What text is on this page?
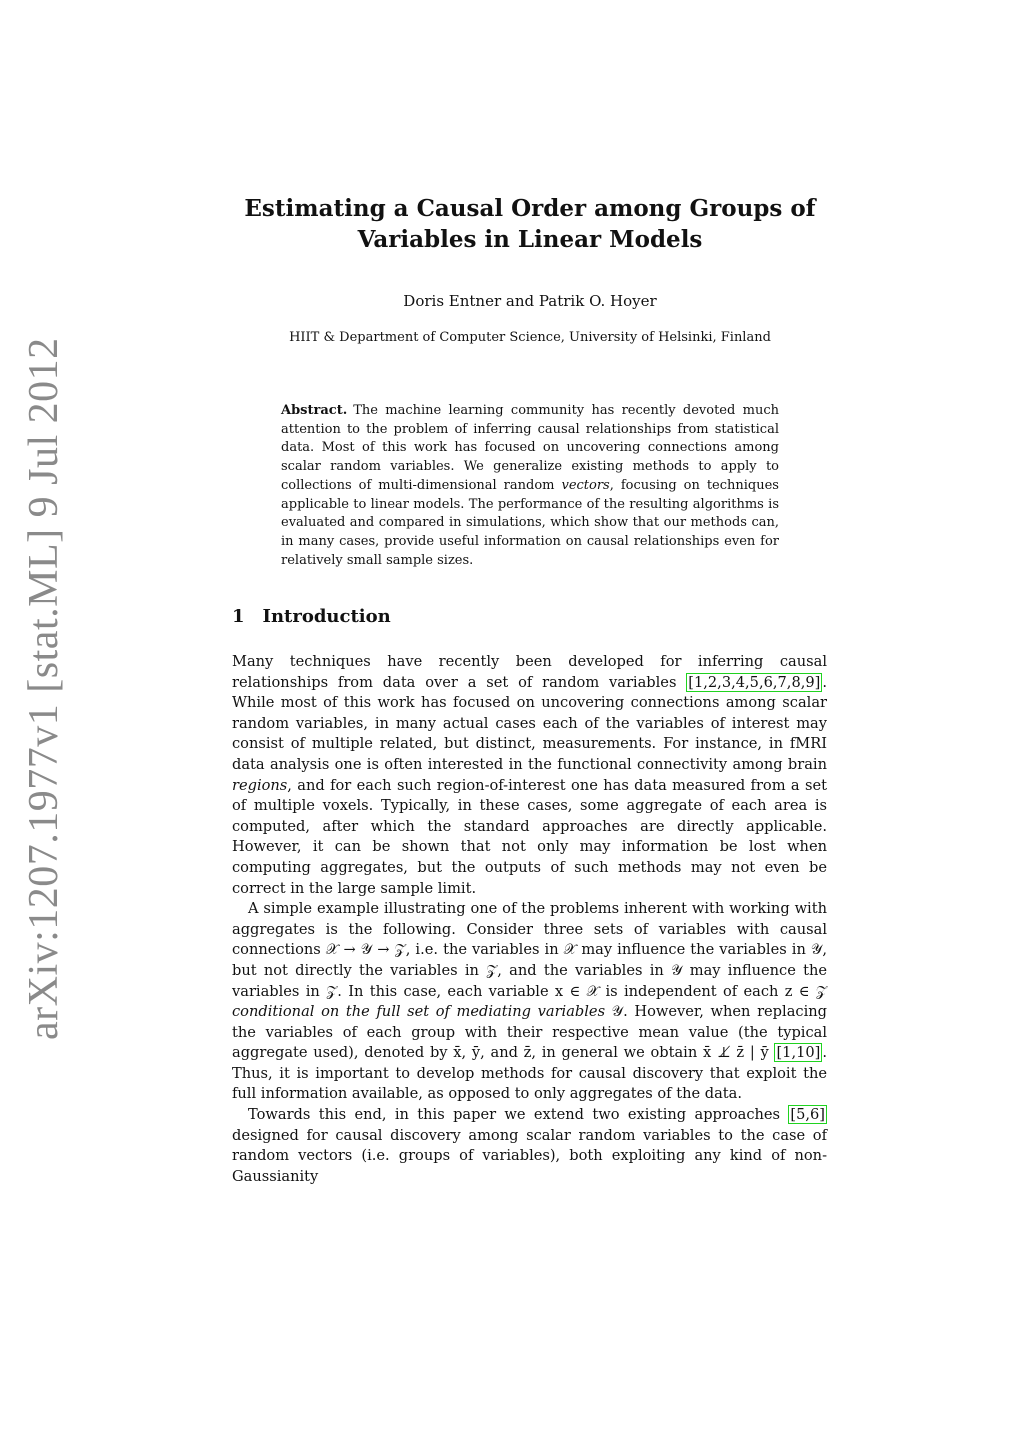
arXiv:1207.1977v1 [stat.ML] 9 Jul 2012
Estimating a Causal Order among Groups of
Variables in Linear Models
Doris Entner and Patrik O. Hoyer
HIIT & Department of Computer Science, University of Helsinki, Finland
Abstract. The machine learning community has recently devoted much attention to the problem of inferring causal relationships from statistical data. Most of this work has focused on uncovering connections among scalar random variables. We generalize existing methods to apply to collections of multi-dimensional random vectors, focusing on techniques applicable to linear models. The performance of the resulting algorithms is evaluated and compared in simulations, which show that our methods can, in many cases, provide useful information on causal relationships even for relatively small sample sizes.
1 Introduction

Many techniques have recently been developed for inferring causal relationships from data over a set of random variables [1,2,3,4,5,6,7,8,9] . While most of this work has focused on uncovering connections among scalar random variables, in many actual cases each of the variables of interest may consist of multiple related, but distinct, measurements. For instance, in fMRI data analysis one is often interested in the functional connectivity among brain regions, and for each such region-of-interest one has data measured from a set of multiple voxels. Typically, in these cases, some aggregate of each area is computed, after which the standard approaches are directly applicable. However, it can be shown that not only may information be lost when computing aggregates, but the outputs of such methods may not even be correct in the large sample limit.

A simple example illustrating one of the problems inherent with working with aggregates is the following. Consider three sets of variables with causal connections 𝒳 → 𝒴 → 𝒵, i.e. the variables in 𝒳 may influence the variables in 𝒴, but not directly the variables in 𝒵, and the variables in 𝒴 may influence the variables in 𝒵. In this case, each variable x ∈ 𝒳 is independent of each z ∈ 𝒵 conditional on the full set of mediating variables 𝒴. However, when replacing the variables of each group with their respective mean value (the typical aggregate used), denoted by x̄, ȳ, and z̄, in general we obtain x̄ ⊥̸ z̄ | ȳ [1,10] . Thus, it is important to develop methods for causal discovery that exploit the full information available, as opposed to only aggregates of the data.

Towards this end, in this paper we extend two existing approaches [5,6] designed for causal discovery among scalar random variables to the case of random vectors (i.e. groups of variables), both exploiting any kind of non-Gaussianity
